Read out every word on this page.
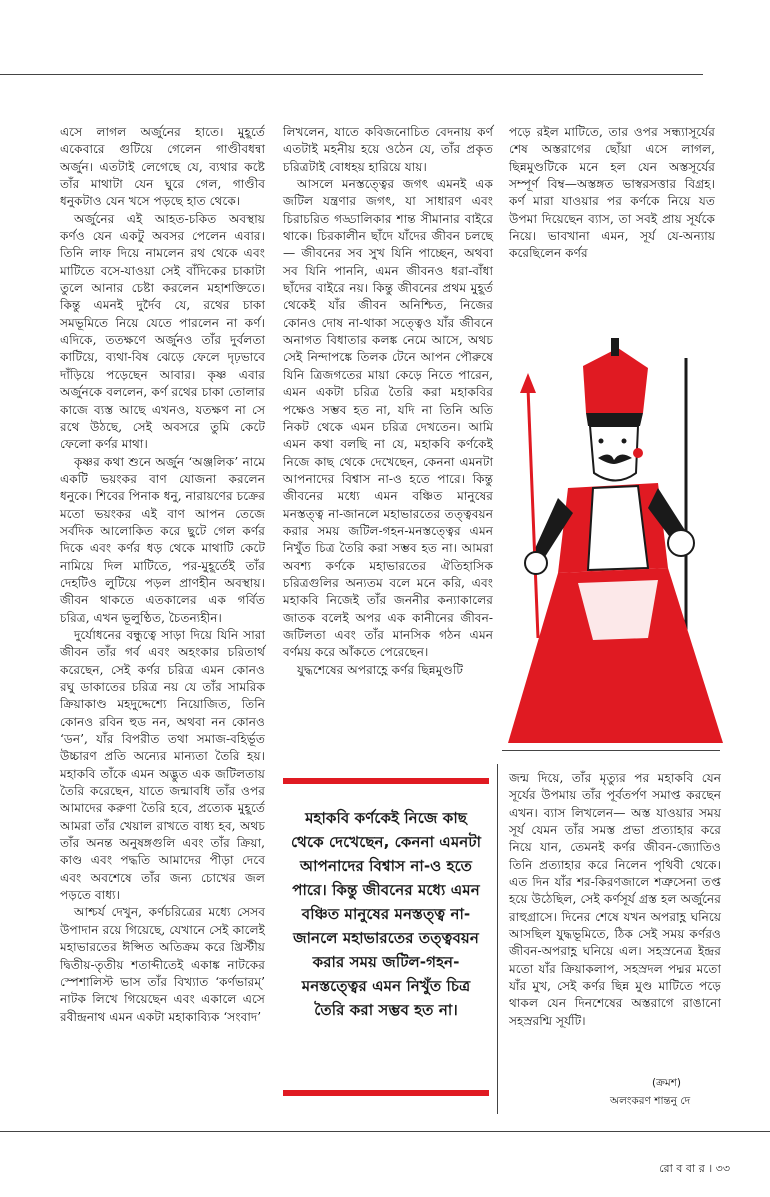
এসে লাগল অর্জুনের হাতে। মুহূর্তে একেবারে গুটিয়ে গেলেন গাণ্ডীবধন্বা অর্জুন। এতটাই লেগেছে যে, ব্যথার কষ্টে তাঁর মাথাটা যেন ঘুরে গেল, গাণ্ডীব ধনুকটাও যেন খসে পড়ছে হাত থেকে।

অর্জুনের এই আহত-চকিত অবস্থায় কর্ণও যেন একটু অবসর পেলেন এবার। তিনি লাফ দিয়ে নামলেন রথ থেকে এবং মাটিতে বসে-যাওয়া সেই বাঁদিকের চাকাটা তুলে আনার চেষ্টা করলেন মহাশক্তিতে। কিন্তু এমনই দুর্দৈব যে, রথের চাকা সমভূমিতে নিয়ে যেতে পারলেন না কর্ণ। এদিকে, ততক্ষণে অর্জুনও তাঁর দুর্বলতা কাটিয়ে, ব্যথা-বিষ ঝেড়ে ফেলে দৃঢ়ভাবে দাঁড়িয়ে পড়েছেন আবার। কৃষ্ণ এবার অর্জুনকে বললেন, কর্ণ রথের চাকা তোলার কাজে ব্যস্ত আছে এখনও, যতক্ষণ না সে রথে উঠছে, সেই অবসরে তুমি কেটে ফেলো কর্ণর মাথা।

কৃষ্ণর কথা শুনে অর্জুন ‘অঞ্জলিক’ নামে একটি ভয়ংকর বাণ যোজনা করলেন ধনুকে। শিবের পিনাক ধনু, নারায়ণের চক্রের মতো ভয়ংকর এই বাণ আপন তেজে সর্বদিক আলোকিত করে ছুটে গেল কর্ণর দিকে এবং কর্ণর ধড় থেকে মাথাটি কেটে নামিয়ে দিল মাটিতে, পর-মুহূর্তেই তাঁর দেহটিও লুটিয়ে পড়ল প্রাণহীন অবস্থায়। জীবন থাকতে এতকালের এক গর্বিত চরিত্র, এখন ভূলুণ্ঠিত, চৈতন্যহীন।

দুর্যোধনের বন্ধুত্বে সাড়া দিয়ে যিনি সারা জীবন তাঁর গর্ব এবং অহংকার চরিতার্থ করেছেন, সেই কর্ণর চরিত্র এমন কোনও রঘু ডাকাতের চরিত্র নয় যে তাঁর সামরিক ক্রিয়াকাণ্ড মহদুদ্দেশ্যে নিয়োজিত, তিনি কোনও রবিন হুড নন, অথবা নন কোনও ‘ডন’, যাঁর বিপরীত তথা সমাজ-বহির্ভূত উচ্চারণ প্রতি অন্যের মান্যতা তৈরি হয়। মহাকবি তাঁকে এমন অদ্ভুত এক জটিলতায় তৈরি করেছেন, যাতে জন্মাবধি তাঁর ওপর আমাদের করুণা তৈরি হবে, প্রত্যেক মুহূর্তে আমরা তাঁর খেয়াল রাখতে বাধ্য হব, অথচ তাঁর অনন্ত অনুষঙ্গগুলি এবং তাঁর ক্রিয়া, কাণ্ড এবং পদ্ধতি আমাদের পীড়া দেবে এবং অবশেষে তাঁর জন্য চোখের জল পড়তে বাধ্য।

আশ্চর্য দেখুন, কর্ণচরিত্রের মধ্যে সেসব উপাদান রয়ে গিয়েছে, যেখানে সেই কালেই মহাভারতের ঈপ্সিত অতিক্রম করে খ্রিস্টীয় দ্বিতীয়-তৃতীয় শতাব্দীতেই একাঙ্ক নাটকের স্পেশালিস্ট ভাস তাঁর বিখ্যাত ‘কর্ণভারম্’ নাটক লিখে গিয়েছেন এবং একালে এসে রবীন্দ্রনাথ এমন একটা মহাকাব্যিক ‘সংবাদ’

লিখলেন, যাতে কবিজনোচিত বেদনায় কর্ণ এতটাই মহনীয় হয়ে ওঠেন যে, তাঁর প্রকৃত চরিত্রটাই বোধহয় হারিয়ে যায়।

আসলে মনস্তত্ত্বের জগৎ এমনই এক জটিল যন্ত্রণার জগৎ, যা সাধারণ এবং চিরাচরিত গড্ডালিকার শান্ত সীমানার বাইরে থাকে। চিরকালীন ছাঁদে যাঁদের জীবন চলছে— জীবনের সব সুখ যিনি পাচ্ছেন, অথবা সব যিনি পাননি, এমন জীবনও ধরা-বাঁধা ছাঁদের বাইরে নয়। কিন্তু জীবনের প্রথম মুহূর্ত থেকেই যাঁর জীবন অনিশ্চিত, নিজের কোনও দোষ না-থাকা সত্ত্বেও যাঁর জীবনে অনাগত বিধাতার কলঙ্ক নেমে আসে, অথচ সেই নিন্দাপঙ্কে তিলক টেনে আপন পৌরুষে যিনি ত্রিজগতের মায়া কেড়ে নিতে পারেন, এমন একটা চরিত্র তৈরি করা মহাকবির পক্ষেও সম্ভব হত না, যদি না তিনি অতি নিকট থেকে এমন চরিত্র দেখতেন। আমি এমন কথা বলছি না যে, মহাকবি কর্ণকেই নিজে কাছ থেকে দেখেছেন, কেননা এমনটা আপনাদের বিশ্বাস না-ও হতে পারে। কিন্তু জীবনের মধ্যে এমন বঞ্চিত মানুষের মনস্তত্ত্ব না-জানলে মহাভারতের তত্ত্ববয়ন করার সময় জটিল-গহন-মনস্তত্ত্বের এমন নিখুঁত চিত্র তৈরি করা সম্ভব হত না। আমরা অবশ্য কর্ণকে মহাভারতের ঐতিহাসিক চরিত্রগুলির অন্যতম বলে মনে করি, এবং মহাকবি নিজেই তাঁর জননীর কন্যাকালের জাতক বলেই অপর এক কানীনের জীবন-জটিলতা এবং তাঁর মানসিক গঠন এমন বর্ণময় করে আঁকতে পেরেছেন।

যুদ্ধশেষের অপরাহ্ণে কর্ণর ছিন্নমুণ্ডটি

পড়ে রইল মাটিতে, তার ওপর সন্ধ্যাসূর্যের শেষ অস্তরাগের ছোঁয়া এসে লাগল, ছিন্নমুণ্ডটিকে মনে হল যেন অস্তসূর্যের সম্পূর্ণ বিম্ব—অস্তঙ্গত ভাস্বরসত্তার বিগ্রহ। কর্ণ মারা যাওয়ার পর কর্ণকে নিয়ে যত উপমা দিয়েছেন ব্যাস, তা সবই প্রায় সূর্যকে নিয়ে। ভাবখানা এমন, সূর্য যে-অন্যায় করেছিলেন কর্ণর

মহাকবি কর্ণকেই নিজে কাছ থেকে দেখেছেন, কেননা এমনটা আপনাদের বিশ্বাস না-ও হতে পারে। কিন্তু জীবনের মধ্যে এমন বঞ্চিত মানুষের মনস্তত্ত্ব না-জানলে মহাভারতের তত্ত্ববয়ন করার সময় জটিল-গহন-মনস্তত্ত্বের এমন নিখুঁত চিত্র তৈরি করা সম্ভব হত না।

জন্ম দিয়ে, তাঁর মৃত্যুর পর মহাকবি যেন সূর্যের উপমায় তাঁর পূর্বতর্পণ সমাপ্ত করছেন এখন। ব্যাস লিখলেন— অস্ত যাওয়ার সময় সূর্য যেমন তাঁর সমস্ত প্রভা প্রত্যাহার করে নিয়ে যান, তেমনই কর্ণর জীবন-জ্যোতিও তিনি প্রত্যাহার করে নিলেন পৃথিবী থেকে। এত দিন যাঁর শর-কিরণজালে শত্রুসেনা তপ্ত হয়ে উঠেছিল, সেই কর্ণসূর্য গ্রস্ত হল অর্জুনের রাহুগ্রাসে। দিনের শেষে যখন অপরাহ্ণ ঘনিয়ে আসছিল যুদ্ধভূমিতে, ঠিক সেই সময় কর্ণরও জীবন-অপরাহ্ণ ঘনিয়ে এল। সহস্রনেত্র ইন্দ্রর মতো যাঁর ক্রিয়াকলাপ, সহস্রদল পদ্মর মতো যাঁর মুখ, সেই কর্ণর ছিন্ন মুণ্ড মাটিতে পড়ে থাকল যেন দিনশেষের অস্তরাগে রাঙানো সহস্ররশ্মি সূর্যটি।

(ক্রমশ)
অলংকরণ শান্তনু দে
রো ব বা র । ৩৩
